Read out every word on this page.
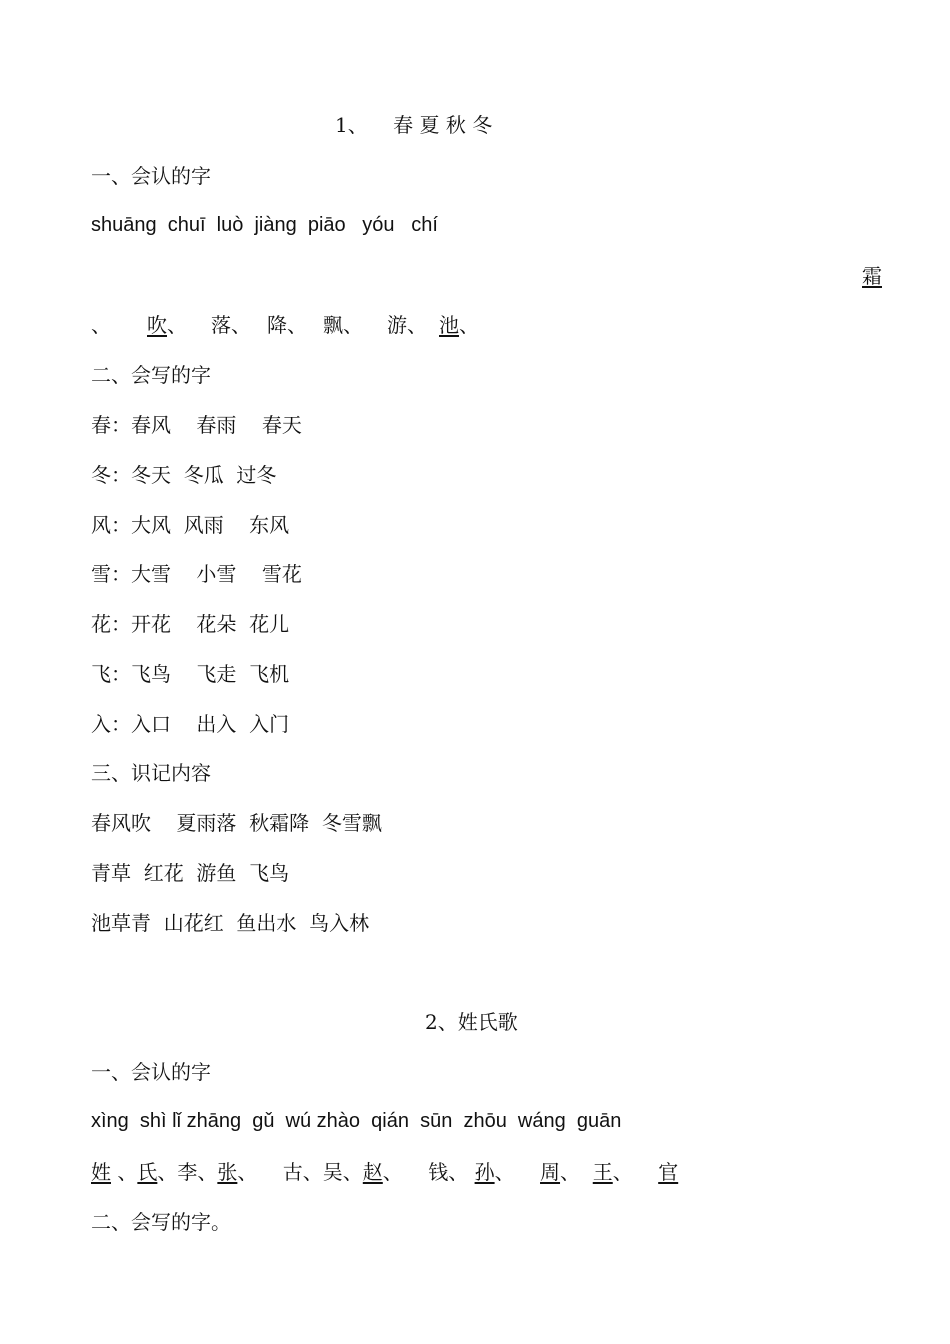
1、    春 夏 秋 冬
一、会认的字
shuāng  chuī  luò  jiàng  piāo   yóu   chí
霜
、 吹、 落、 降、 飘、 游、 池、
二、会写的字
春：春风    春雨    春天
冬：冬天  冬瓜  过冬
风：大风  风雨    东风
雪：大雪    小雪    雪花
花：开花    花朵  花儿
飞：飞鸟    飞走  飞机
入：入口    出入  入门
三、识记内容
春风吹    夏雨落  秋霜降  冬雪飘
青草  红花  游鱼  飞鸟
池草青  山花红  鱼出水  鸟入林
2、姓氏歌
一、会认的字
xìng  shì lǐ zhāng  gǔ  wú zhào  qián  sūn  zhōu  wáng  guān
姓 、氏、李、张、    古、吴、赵、    钱、 孙、    周、  王、    官
二、会写的字。
